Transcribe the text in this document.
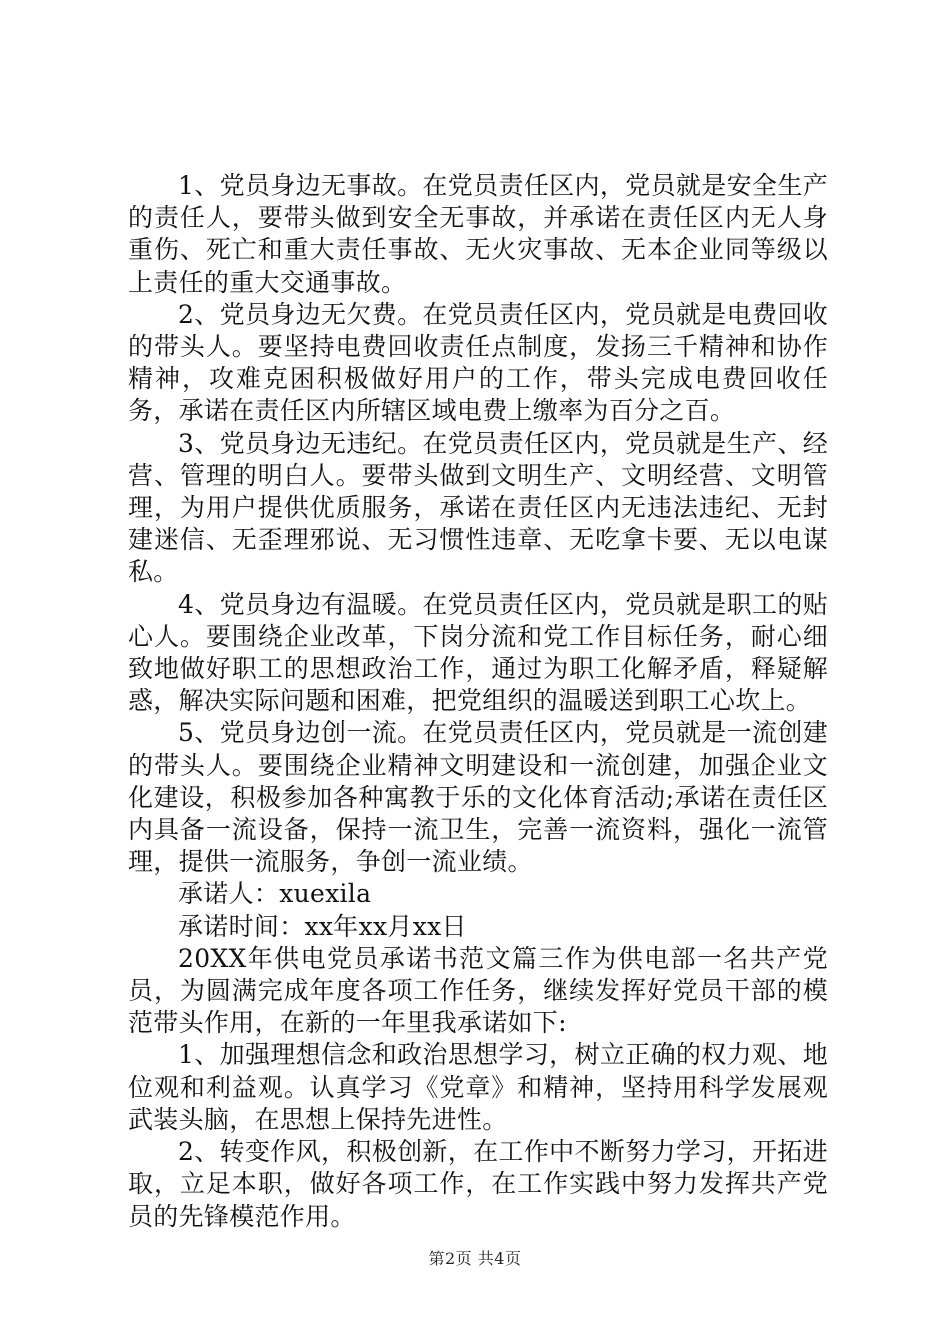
1、党员身边无事故。在党员责任区内，党员就是安全生产的责任人，要带头做到安全无事故，并承诺在责任区内无人身重伤、死亡和重大责任事故、无火灾事故、无本企业同等级以上责任的重大交通事故。

2、党员身边无欠费。在党员责任区内，党员就是电费回收的带头人。要坚持电费回收责任点制度，发扬三千精神和协作精神，攻难克困积极做好用户的工作，带头完成电费回收任务，承诺在责任区内所辖区域电费上缴率为百分之百。

3、党员身边无违纪。在党员责任区内，党员就是生产、经营、管理的明白人。要带头做到文明生产、文明经营、文明管理，为用户提供优质服务，承诺在责任区内无违法违纪、无封建迷信、无歪理邪说、无习惯性违章、无吃拿卡要、无以电谋私。

4、党员身边有温暖。在党员责任区内，党员就是职工的贴心人。要围绕企业改革，下岗分流和党工作目标任务，耐心细致地做好职工的思想政治工作，通过为职工化解矛盾，释疑解惑，解决实际问题和困难，把党组织的温暖送到职工心坎上。

5、党员身边创一流。在党员责任区内，党员就是一流创建的带头人。要围绕企业精神文明建设和一流创建，加强企业文化建设，积极参加各种寓教于乐的文化体育活动;承诺在责任区内具备一流设备，保持一流卫生，完善一流资料，强化一流管理，提供一流服务，争创一流业绩。

承诺人：xuexila

承诺时间：xx年xx月xx日

20XX年供电党员承诺书范文篇三作为供电部一名共产党员，为圆满完成年度各项工作任务，继续发挥好党员干部的模范带头作用，在新的一年里我承诺如下:

1、加强理想信念和政治思想学习，树立正确的权力观、地位观和利益观。认真学习《党章》和精神，坚持用科学发展观武装头脑，在思想上保持先进性。

2、转变作风，积极创新，在工作中不断努力学习，开拓进取，立足本职，做好各项工作，在工作实践中努力发挥共产党员的先锋模范作用。

第2页 共4页
